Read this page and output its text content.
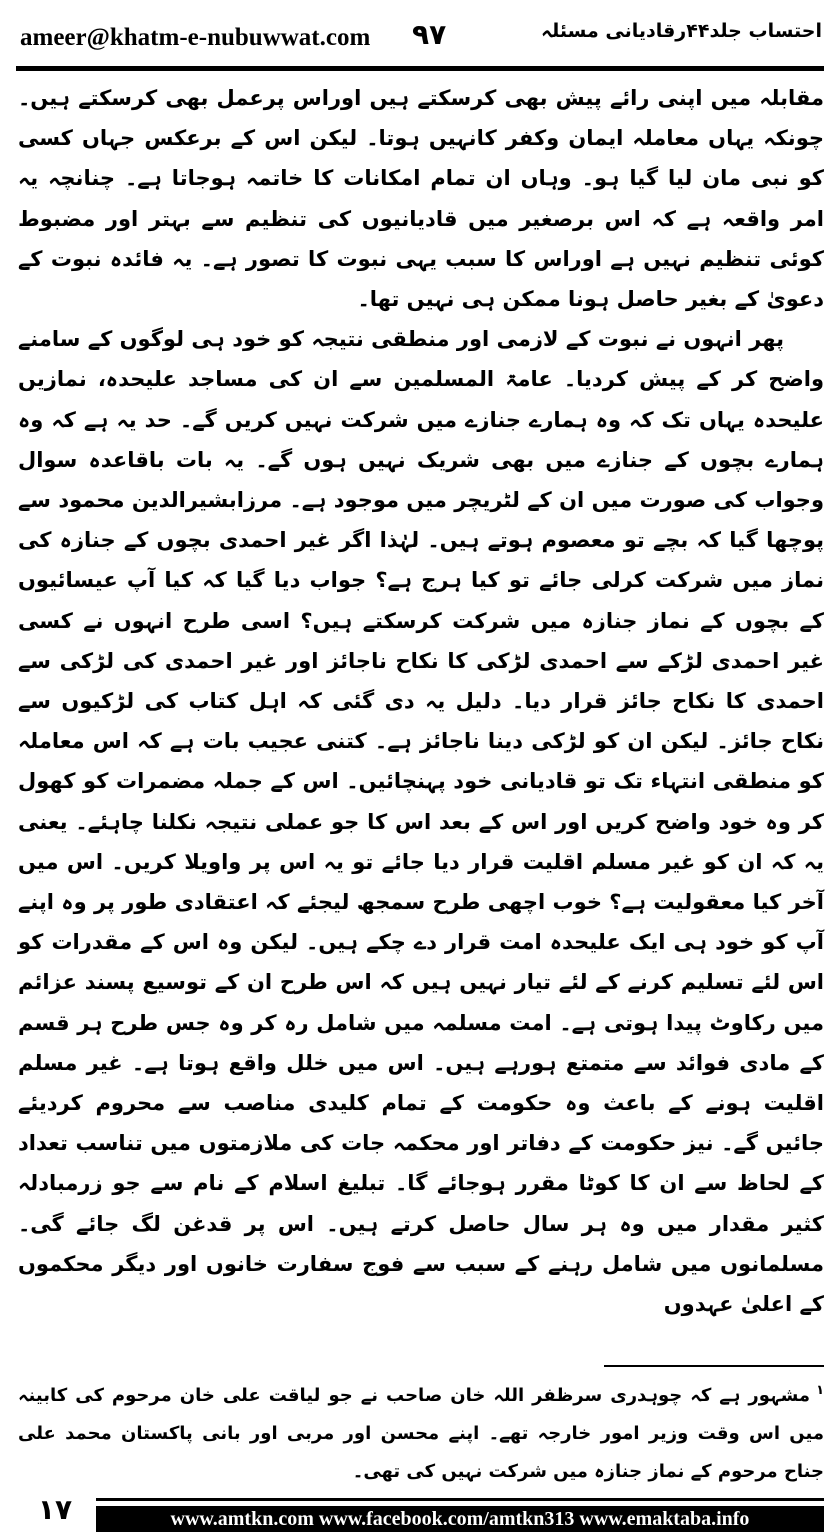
ameer@khatm-e-nubuwwat.com ۹۷	احتساب جلد۴۴رقادیانی مسئلہ

مقابلہ میں اپنی رائے پیش بھی کرسکتے ہیں اوراس پرعمل بھی کرسکتے ہیں۔ چونکہ یہاں معاملہ ایمان وکفر کانہیں ہوتا۔ لیکن اس کے برعکس جہاں کسی کو نبی مان لیا گیا ہو۔ وہاں ان تمام امکانات کا خاتمہ ہوجاتا ہے۔ چنانچہ یہ امر واقعہ ہے کہ اس برصغیر میں قادیانیوں کی تنظیم سے بہتر اور مضبوط کوئی تنظیم نہیں ہے اوراس کا سبب یہی نبوت کا تصور ہے۔ یہ فائدہ نبوت کے دعویٰ کے بغیر حاصل ہونا ممکن ہی نہیں تھا۔

پھر انہوں نے نبوت کے لازمی اور منطقی نتیجہ کو خود ہی لوگوں کے سامنے واضح کر کے پیش کردیا۔ عامۃ المسلمین سے ان کی مساجد علیحدہ، نمازیں علیحدہ یہاں تک کہ وہ ہمارے جنازے میں شرکت نہیں کریں گے۔ حد یہ ہے کہ وہ ہمارے بچوں کے جنازے میں بھی شریک نہیں ہوں گے۔ یہ بات باقاعدہ سوال وجواب کی صورت میں ان کے لٹریچر میں موجود ہے۔ مرزابشیرالدین محمود سے پوچھا گیا کہ بچے تو معصوم ہوتے ہیں۔ لہٰذا اگر غیر احمدی بچوں کے جنازہ کی نماز میں شرکت کرلی جائے تو کیا ہرج ہے؟ جواب دیا گیا کہ کیا آپ عیسائیوں کے بچوں کے نماز جنازہ میں شرکت کرسکتے ہیں؟ اسی طرح انہوں نے کسی غیر احمدی لڑکے سے احمدی لڑکی کا نکاح ناجائز اور غیر احمدی کی لڑکی سے احمدی کا نکاح جائز قرار دیا۔ دلیل یہ دی گئی کہ اہل کتاب کی لڑکیوں سے نکاح جائز۔ لیکن ان کو لڑکی دینا ناجائز ہے۔ کتنی عجیب بات ہے کہ اس معاملہ کو منطقی انتہاء تک تو قادیانی خود پہنچائیں۔ اس کے جملہ مضمرات کو کھول کر وہ خود واضح کریں اور اس کے بعد اس کا جو عملی نتیجہ نکلنا چاہئے۔ یعنی یہ کہ ان کو غیر مسلم اقلیت قرار دیا جائے تو یہ اس پر واویلا کریں۔ اس میں آخر کیا معقولیت ہے؟ خوب اچھی طرح سمجھ لیجئے کہ اعتقادی طور پر وہ اپنے آپ کو خود ہی ایک علیحدہ امت قرار دے چکے ہیں۔ لیکن وہ اس کے مقدرات کو اس لئے تسلیم کرنے کے لئے تیار نہیں ہیں کہ اس طرح ان کے توسیع پسند عزائم میں رکاوٹ پیدا ہوتی ہے۔ امت مسلمہ میں شامل رہ کر وہ جس طرح ہر قسم کے مادی فوائد سے متمتع ہورہے ہیں۔ اس میں خلل واقع ہوتا ہے۔ غیر مسلم اقلیت ہونے کے باعث وہ حکومت کے تمام کلیدی مناصب سے محروم کردیئے جائیں گے۔ نیز حکومت کے دفاتر اور محکمہ جات کی ملازمتوں میں تناسب تعداد کے لحاظ سے ان کا کوٹا مقرر ہوجائے گا۔ تبلیغ اسلام کے نام سے جو زرمبادلہ کثیر مقدار میں وہ ہر سال حاصل کرتے ہیں۔ اس پر قدغن لگ جائے گی۔ مسلمانوں میں شامل رہنے کے سبب سے فوج سفارت خانوں اور دیگر محکموں کے اعلیٰ عہدوں

$^۱$مشہور ہے کہ چوہدری سرظفر اللہ خان صاحب نے جو لیاقت علی خان مرحوم کی کابینہ میں اس وقت وزیر امور خارجہ تھے۔ اپنے محسن اور مربی اور بانی پاکستان محمد علی جناح مرحوم کے نماز جنازہ میں شرکت نہیں کی تھی۔
۱۷	www.amtkn.com www.facebook.com/amtkn313 www.emaktaba.info
